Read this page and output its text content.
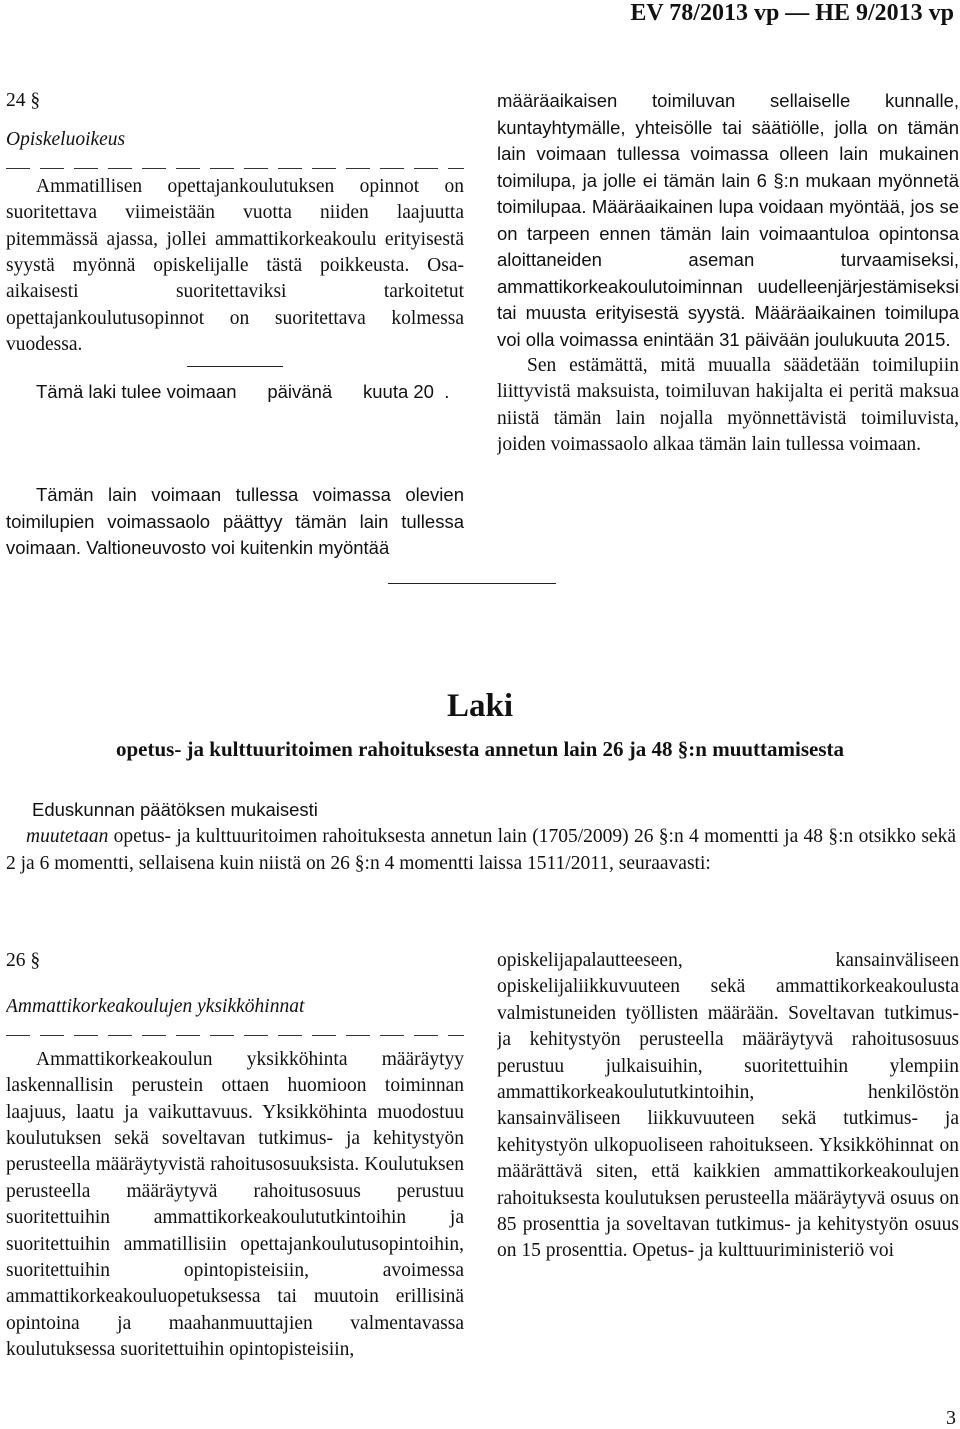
EV 78/2013 vp — HE 9/2013 vp

24 §

Opiskeluoikeus

Ammatillisen opettajankoulutuksen opinnot on suoritettava viimeistään vuotta niiden laajuutta pitemmässä ajassa, jollei ammattikorkeakoulu erityisestä syystä myönnä opiskelijalle tästä poikkeusta. Osa-aikaisesti suoritettaviksi tarkoitetut opettajankoulutusopinnot on suoritettava kolmessa vuodessa.

Tämä laki tulee voimaan      päivänä      kuuta 20  .

Tämän lain voimaan tullessa voimassa olevien toimilupien voimassaolo päättyy tämän lain tullessa voimaan. Valtioneuvosto voi kuitenkin myöntää

määräaikaisen toimiluvan sellaiselle kunnalle, kuntayhtymälle, yhteisölle tai säätiölle, jolla on tämän lain voimaan tullessa voimassa olleen lain mukainen toimilupa, ja jolle ei tämän lain 6 §:n mukaan myönnetä toimilupaa. Määräaikainen lupa voidaan myöntää, jos se on tarpeen ennen tämän lain voimaantuloa opintonsa aloittaneiden aseman turvaamiseksi, ammattikorkeakoulutoiminnan uudelleenjärjestämiseksi tai muusta erityisestä syystä. Määräaikainen toimilupa voi olla voimassa enintään 31 päivään joulukuuta 2015.

Sen estämättä, mitä muualla säädetään toimilupiin liittyvistä maksuista, toimiluvan hakijalta ei peritä maksua niistä tämän lain nojalla myönnettävistä toimiluvista, joiden voimassaolo alkaa tämän lain tullessa voimaan.

Laki
opetus- ja kulttuuritoimen rahoituksesta annetun lain 26 ja 48 §:n muuttamisesta

Eduskunnan päätöksen mukaisesti

muutetaan opetus- ja kulttuuritoimen rahoituksesta annetun lain (1705/2009) 26 §:n 4 momentti ja 48 §:n otsikko sekä 2 ja 6 momentti, sellaisena kuin niistä on 26 §:n 4 momentti laissa 1511/2011, seuraavasti:

26 §

Ammattikorkeakoulujen yksikköhinnat

Ammattikorkeakoulun yksikköhinta määräytyy laskennallisin perustein ottaen huomioon toiminnan laajuus, laatu ja vaikuttavuus. Yksikköhinta muodostuu koulutuksen sekä soveltavan tutkimus- ja kehitystyön perusteella määräytyvistä rahoitusosuuksista. Koulutuksen perusteella määräytyvä rahoitusosuus perustuu suoritettuihin ammattikorkeakoulututkintoihin ja suoritettuihin ammatillisiin opettajankoulutusopintoihin, suoritettuihin opintopisteisiin, avoimessa ammattikorkeakouluopetuksessa tai muutoin erillisinä opintoina ja maahanmuuttajien valmentavassa koulutuksessa suoritettuihin opintopisteisiin,

opiskelijapalautteeseen, kansainväliseen opiskelijaliikkuvuuteen sekä ammattikorkeakoulusta valmistuneiden työllisten määrään. Soveltavan tutkimus- ja kehitystyön perusteella määräytyvä rahoitusosuus perustuu julkaisuihin, suoritettuihin ylempiin ammattikorkeakoulututkintoihin, henkilöstön kansainväliseen liikkuvuuteen sekä tutkimus- ja kehitystyön ulkopuoliseen rahoitukseen. Yksikköhinnat on määrättävä siten, että kaikkien ammattikorkeakoulujen rahoituksesta koulutuksen perusteella määräytyvä osuus on 85 prosenttia ja soveltavan tutkimus- ja kehitystyön osuus on 15 prosenttia. Opetus- ja kulttuuriministeriö voi

3
